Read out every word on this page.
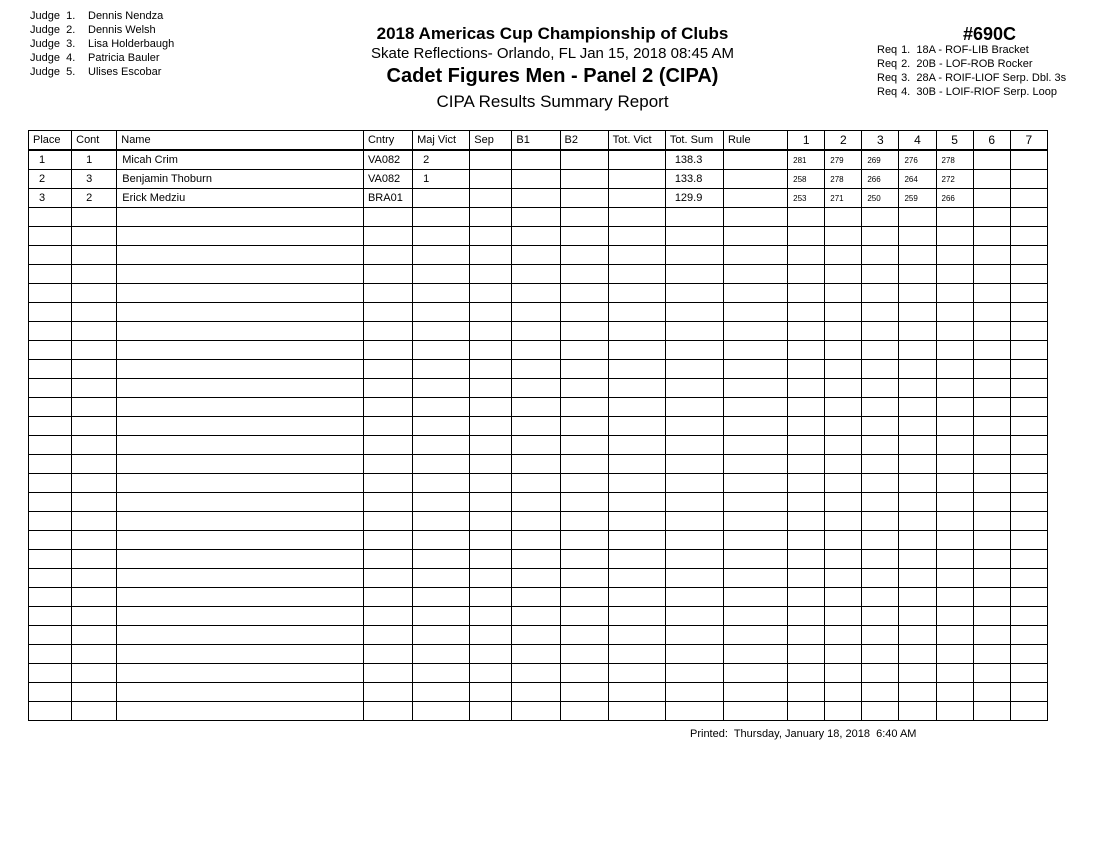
Judge  1. Dennis Nendza
Judge  2. Dennis Welsh
Judge  3. Lisa Holderbaugh
Judge  4. Patricia Bauler
Judge  5. Ulises Escobar
2018 Americas Cup Championship of Clubs
Skate Reflections- Orlando, FL Jan 15, 2018 08:45 AM
Cadet Figures Men - Panel 2 (CIPA)
CIPA Results Summary Report
#690C
Req 1.  18A - ROF-LIB Bracket
Req 2.  20B - LOF-ROB Rocker
Req 3.  28A - ROIF-LIOF Serp. Dbl. 3s
Req 4.  30B - LOIF-RIOF Serp. Loop
Place	Cont	Name	Cntry	Maj Vict	Sep	B1	B2	Tot. Vict	Tot. Sum	Rule	1	2	3	4	5	6	7
1	1	Micah Crim	VA082	2					138.3		281	279	269	276	278		
2	3	Benjamin Thoburn	VA082	1					133.8		258	278	266	264	272		
3	2	Erick Medziu	BRA01						129.9		253	271	250	259	266		

Printed:  Thursday, January 18, 2018  6:40 AM
